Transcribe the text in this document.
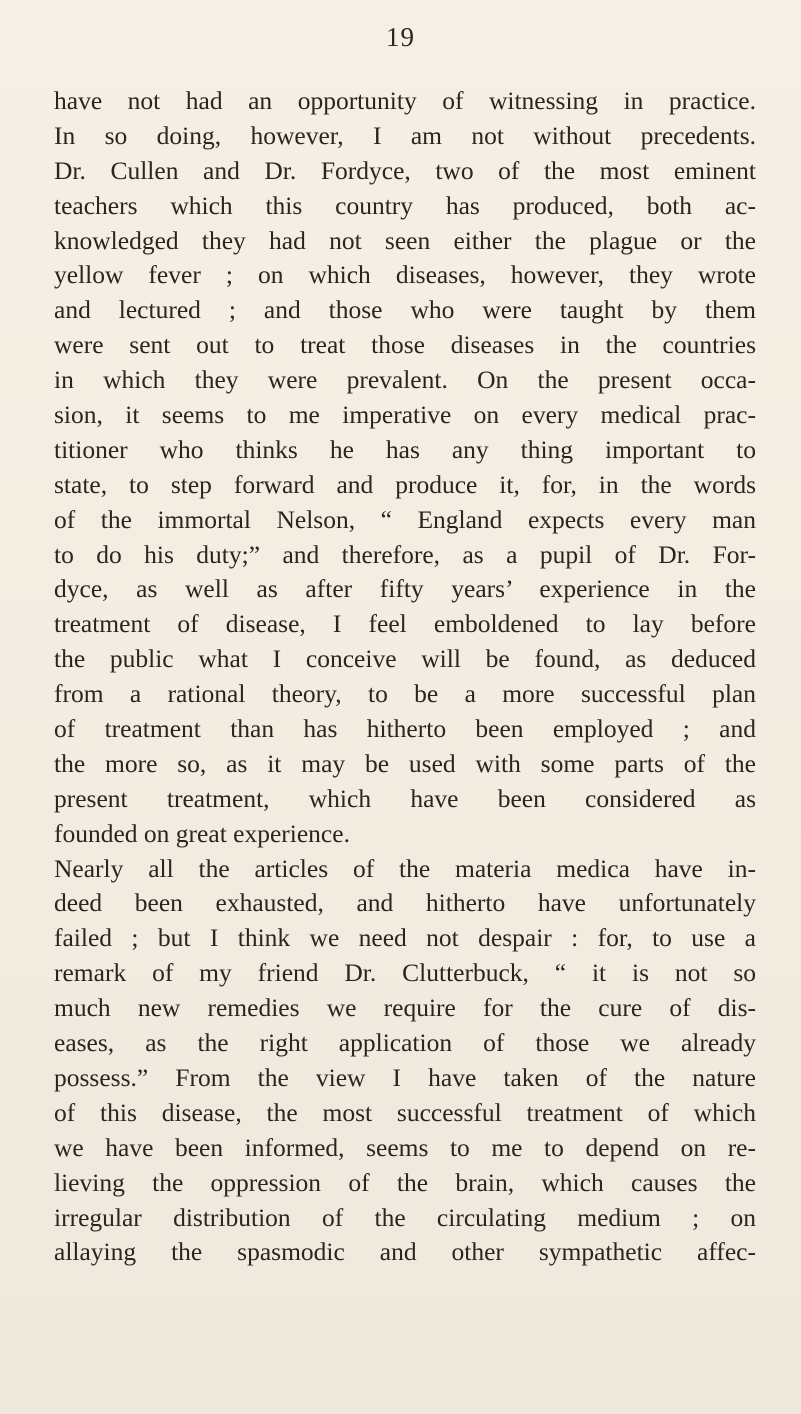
19
have not had an opportunity of witnessing in practice.
In so doing, however, I am not without precedents.
Dr. Cullen and Dr. Fordyce, two of the most eminent
teachers which this country has produced, both ac-
knowledged they had not seen either the plague or the
yellow fever ; on which diseases, however, they wrote
and lectured ; and those who were taught by them
were sent out to treat those diseases in the countries
in which they were prevalent. On the present occa-
sion, it seems to me imperative on every medical prac-
titioner who thinks he has any thing important to
state, to step forward and produce it, for, in the words
of the immortal Nelson, “ England expects every man
to do his duty;” and therefore, as a pupil of Dr. For-
dyce, as well as after fifty years’ experience in the
treatment of disease, I feel emboldened to lay before
the public what I conceive will be found, as deduced
from a rational theory, to be a more successful plan
of treatment than has hitherto been employed ; and
the more so, as it may be used with some parts of the
present treatment, which have been considered as
founded on great experience.
Nearly all the articles of the materia medica have in-
deed been exhausted, and hitherto have unfortunately
failed ; but I think we need not despair : for, to use a
remark of my friend Dr. Clutterbuck, “ it is not so
much new remedies we require for the cure of dis-
eases, as the right application of those we already
possess.” From the view I have taken of the nature
of this disease, the most successful treatment of which
we have been informed, seems to me to depend on re-
lieving the oppression of the brain, which causes the
irregular distribution of the circulating medium ; on
allaying the spasmodic and other sympathetic affec-
